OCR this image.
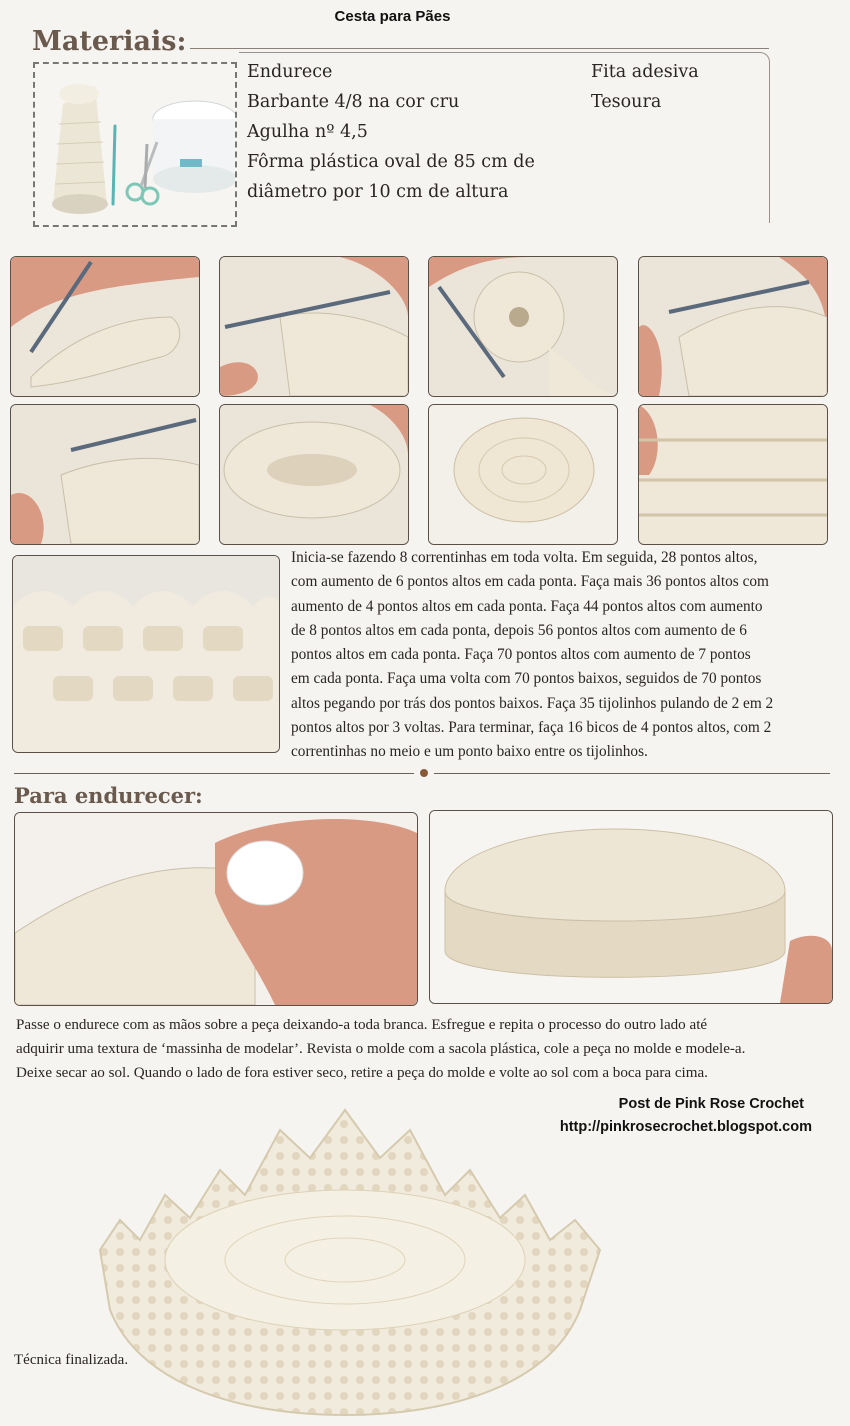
Cesta para Pães
Materiais:
Endurece
Barbante 4/8 na cor cru
Agulha nº 4,5
Fôrma plástica oval de 85 cm de
diâmetro por 10 cm de altura
Fita adesiva
Tesoura
Inicia-se fazendo 8 correntinhas em toda volta. Em seguida, 28 pontos altos,
com aumento de 6 pontos altos em cada ponta. Faça mais 36 pontos altos com
aumento de 4 pontos altos em cada ponta. Faça 44 pontos altos com aumento
de 8 pontos altos em cada ponta, depois 56 pontos altos com aumento de 6
pontos altos em cada ponta. Faça 70 pontos altos com aumento de 7 pontos
em cada ponta. Faça uma volta com 70 pontos baixos, seguidos de 70 pontos
altos pegando por trás dos pontos baixos. Faça 35 tijolinhos pulando de 2 em 2
pontos altos por 3 voltas. Para terminar, faça 16 bicos de 4 pontos altos, com 2
correntinhas no meio e um ponto baixo entre os tijolinhos.
Para endurecer:
Passe o endurece com as mãos sobre a peça deixando-a toda branca. Esfregue e repita o processo do outro lado até
adquirir uma textura de ‘massinha de modelar’. Revista o molde com a sacola plástica, cole a peça no molde e modele-a.
Deixe secar ao sol. Quando o lado de fora estiver seco, retire a peça do molde e volte ao sol com a boca para cima.
Post de Pink Rose Crochet
http://pinkrosecrochet.blogspot.com
Técnica finalizada.
